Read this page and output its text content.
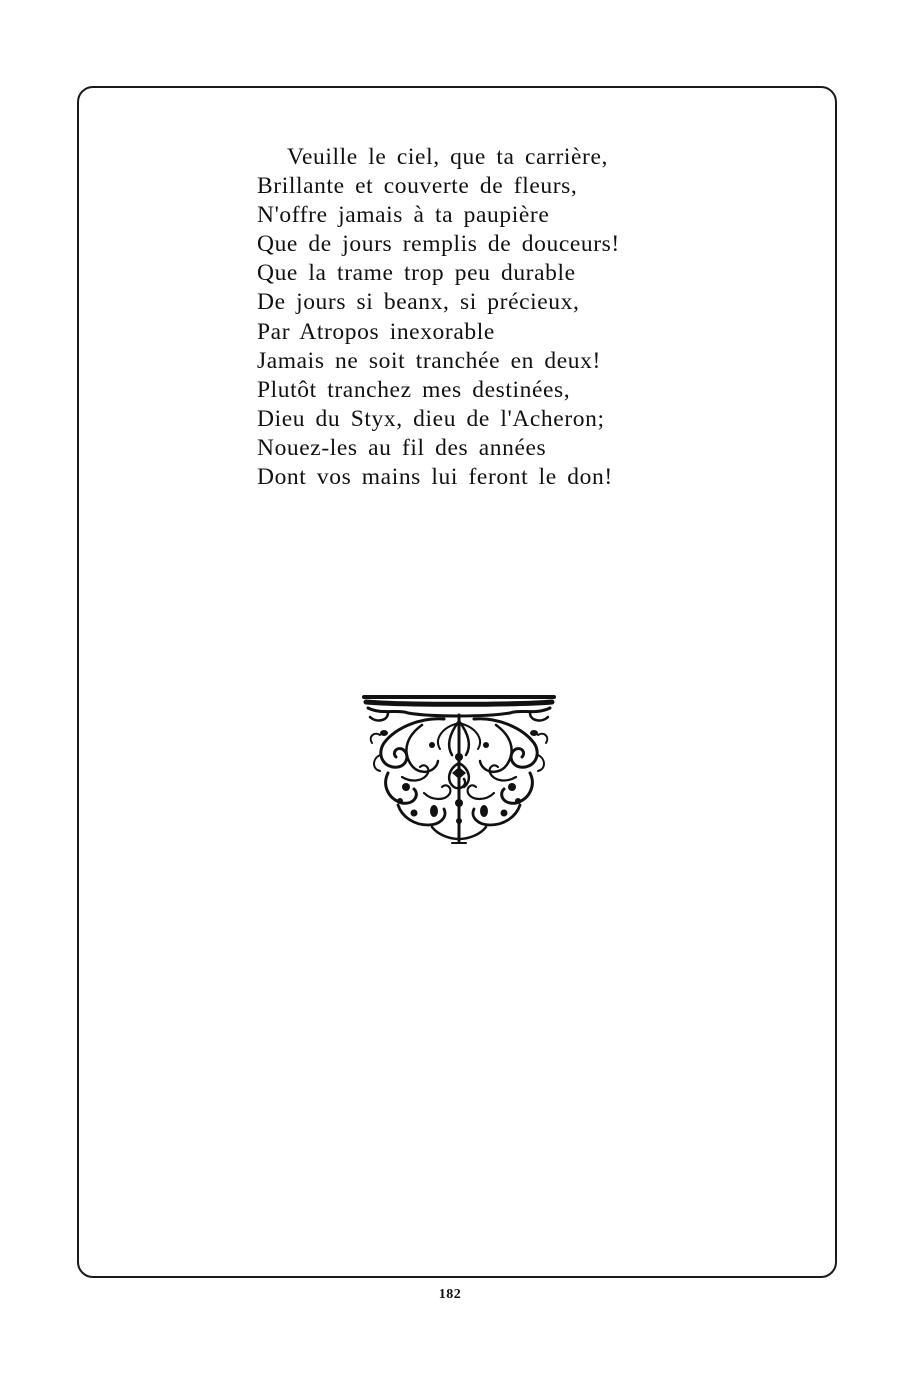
Veuille le ciel, que ta carrière,
Brillante et couverte de fleurs,
N'offre jamais à ta paupière
Que de jours remplis de douceurs!
Que la trame trop peu durable
De jours si beanx, si précieux,
Par Atropos inexorable
Jamais ne soit tranchée en deux!
Plutôt tranchez mes destinées,
Dieu du Styx, dieu de l'Acheron;
Nouez-les au fil des années
Dont vos mains lui feront le don!
182
